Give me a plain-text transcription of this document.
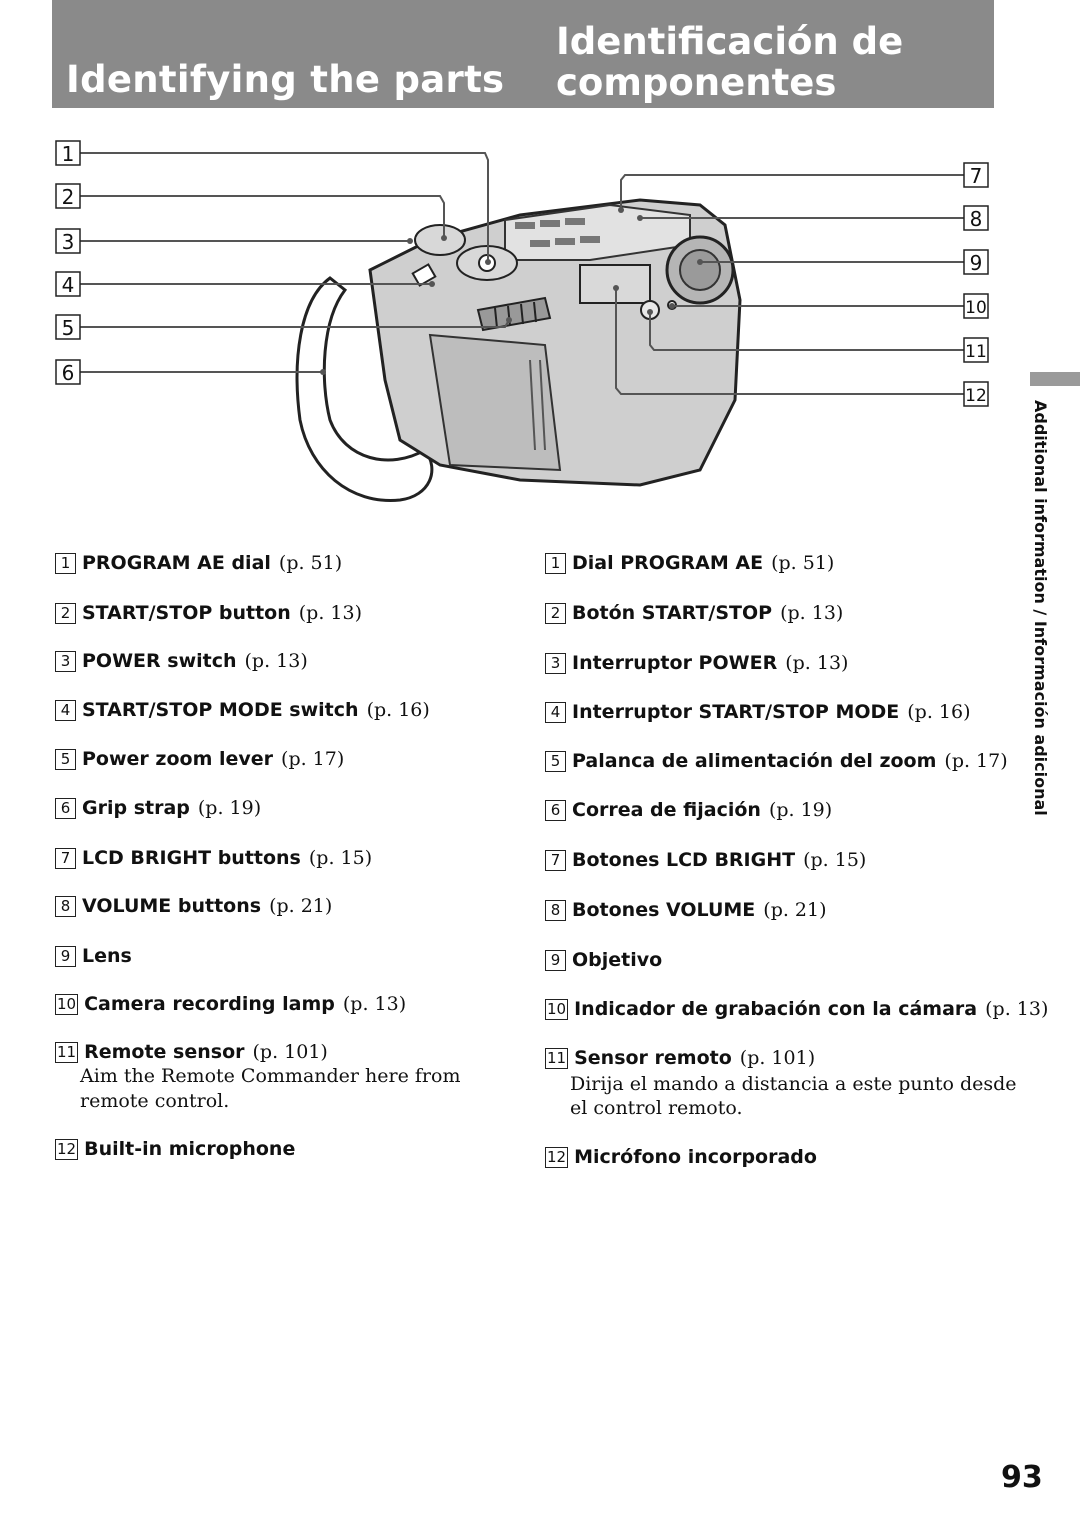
Identifying the parts
Identificación de
componentes
1
2
3
4
5
6
7
8
9
10
11
12
Additional information / Información adicional
1 PROGRAM AE dial (p. 51)
2 START/STOP button (p. 13)
3 POWER switch (p. 13)
4 START/STOP MODE switch (p. 16)
5 Power zoom lever (p. 17)
6 Grip strap (p. 19)
7 LCD BRIGHT buttons (p. 15)
8 VOLUME buttons (p. 21)
9 Lens
10 Camera recording lamp (p. 13)
11 Remote sensor (p. 101)
Aim the Remote Commander here from
remote control.
12 Built-in microphone
1 Dial PROGRAM AE (p. 51)
2 Botón START/STOP (p. 13)
3 Interruptor POWER (p. 13)
4 Interruptor START/STOP MODE (p. 16)
5 Palanca de alimentación del zoom (p. 17)
6 Correa de fijación (p. 19)
7 Botones LCD BRIGHT (p. 15)
8 Botones VOLUME (p. 21)
9 Objetivo
10 Indicador de grabación con la cámara (p. 13)
11 Sensor remoto (p. 101)
Dirija el mando a distancia a este punto desde
el control remoto.
12 Micrófono incorporado
93
